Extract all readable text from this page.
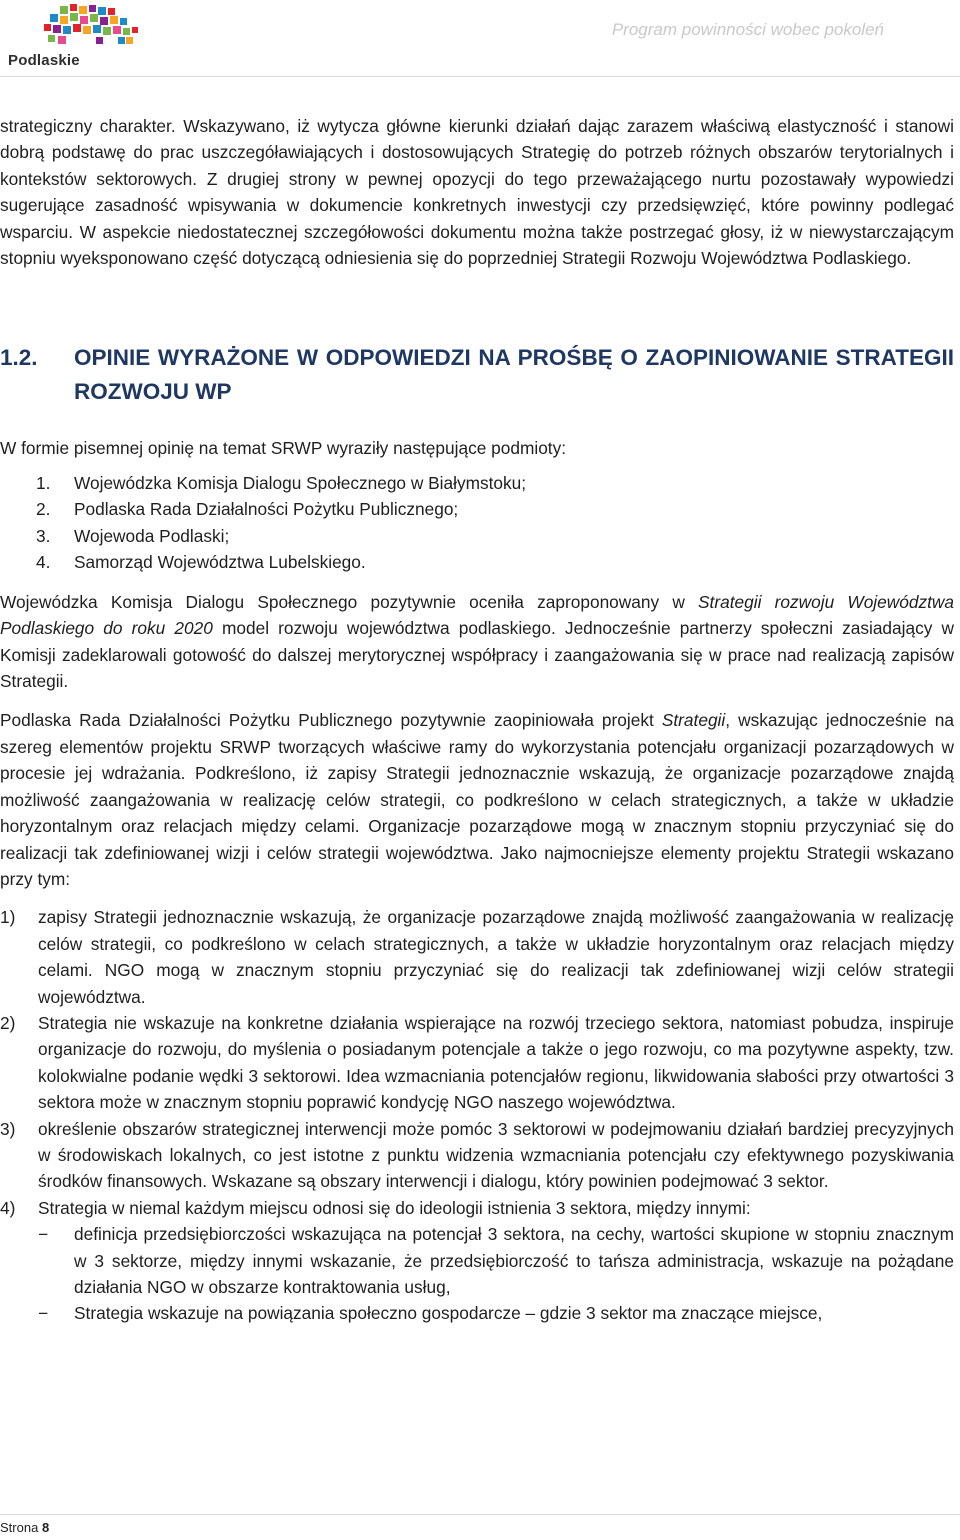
Podlaskie
Program powinności wobec pokoleń

strategiczny charakter. Wskazywano, iż wytycza główne kierunki działań dając zarazem właściwą elastyczność i stanowi dobrą podstawę do prac uszczegóławiających i dostosowujących Strategię do potrzeb różnych obszarów terytorialnych i kontekstów sektorowych. Z drugiej strony w pewnej opozycji do tego przeważającego nurtu pozostawały wypowiedzi sugerujące zasadność wpisywania w dokumencie konkretnych inwestycji czy przedsięwzięć, które powinny podlegać wsparciu. W aspekcie niedostatecznej szczegółowości dokumentu można także postrzegać głosy, iż w niewystarczającym stopniu wyeksponowano część dotyczącą odniesienia się do poprzedniej Strategii Rozwoju Województwa Podlaskiego.

1.2.	OPINIE WYRAŻONE W ODPOWIEDZI NA PROŚBĘ O ZAOPINIOWANIE STRATEGII ROZWOJU WP

W formie pisemnej opinię na temat SRWP wyraziły następujące podmioty:

1.	Wojewódzka Komisja Dialogu Społecznego w Białymstoku;
2.	Podlaska Rada Działalności Pożytku Publicznego;
3.	Wojewoda Podlaski;
4.	Samorząd Województwa Lubelskiego.

Wojewódzka Komisja Dialogu Społecznego pozytywnie oceniła zaproponowany w Strategii rozwoju Województwa Podlaskiego do roku 2020 model rozwoju województwa podlaskiego. Jednocześnie partnerzy społeczni zasiadający w Komisji zadeklarowali gotowość do dalszej merytorycznej współpracy i zaangażowania się w prace nad realizacją zapisów Strategii.

Podlaska Rada Działalności Pożytku Publicznego pozytywnie zaopiniowała projekt Strategii, wskazując jednocześnie na szereg elementów projektu SRWP tworzących właściwe ramy do wykorzystania potencjału organizacji pozarządowych w procesie jej wdrażania. Podkreślono, iż zapisy Strategii jednoznacznie wskazują, że organizacje pozarządowe znajdą możliwość zaangażowania w realizację celów strategii, co podkreślono w celach strategicznych, a także w układzie horyzontalnym oraz relacjach między celami. Organizacje pozarządowe mogą w znacznym stopniu przyczyniać się do realizacji tak zdefiniowanej wizji i celów strategii województwa. Jako najmocniejsze elementy projektu Strategii wskazano przy tym:

1)	zapisy Strategii jednoznacznie wskazują, że organizacje pozarządowe znajdą możliwość zaangażowania w realizację celów strategii, co podkreślono w celach strategicznych, a także w układzie horyzontalnym oraz relacjach między celami. NGO mogą w znacznym stopniu przyczyniać się do realizacji tak zdefiniowanej wizji celów strategii województwa.
2)	Strategia nie wskazuje na konkretne działania wspierające na rozwój trzeciego sektora, natomiast pobudza, inspiruje organizacje do rozwoju, do myślenia o posiadanym potencjale a także o jego rozwoju, co ma pozytywne aspekty, tzw. kolokwialne podanie wędki 3 sektorowi. Idea wzmacniania potencjałów regionu, likwidowania słabości przy otwartości 3 sektora może w znacznym stopniu poprawić kondycję NGO naszego województwa.
3)	określenie obszarów strategicznej interwencji może pomóc 3 sektorowi w podejmowaniu działań bardziej precyzyjnych w środowiskach lokalnych, co jest istotne z punktu widzenia wzmacniania potencjału czy efektywnego pozyskiwania środków finansowych. Wskazane są obszary interwencji i dialogu, który powinien podejmować 3 sektor.
4)	Strategia w niemal każdym miejscu odnosi się do ideologii istnienia 3 sektora, między innymi:
−	definicja przedsiębiorczości wskazująca na potencjał 3 sektora, na cechy, wartości skupione w stopniu znacznym w 3 sektorze, między innymi wskazanie, że przedsiębiorczość to tańsza administracja, wskazuje na pożądane działania NGO w obszarze kontraktowania usług,
−	Strategia wskazuje na powiązania społeczno gospodarcze – gdzie 3 sektor ma znaczące miejsce,
Strona 8
